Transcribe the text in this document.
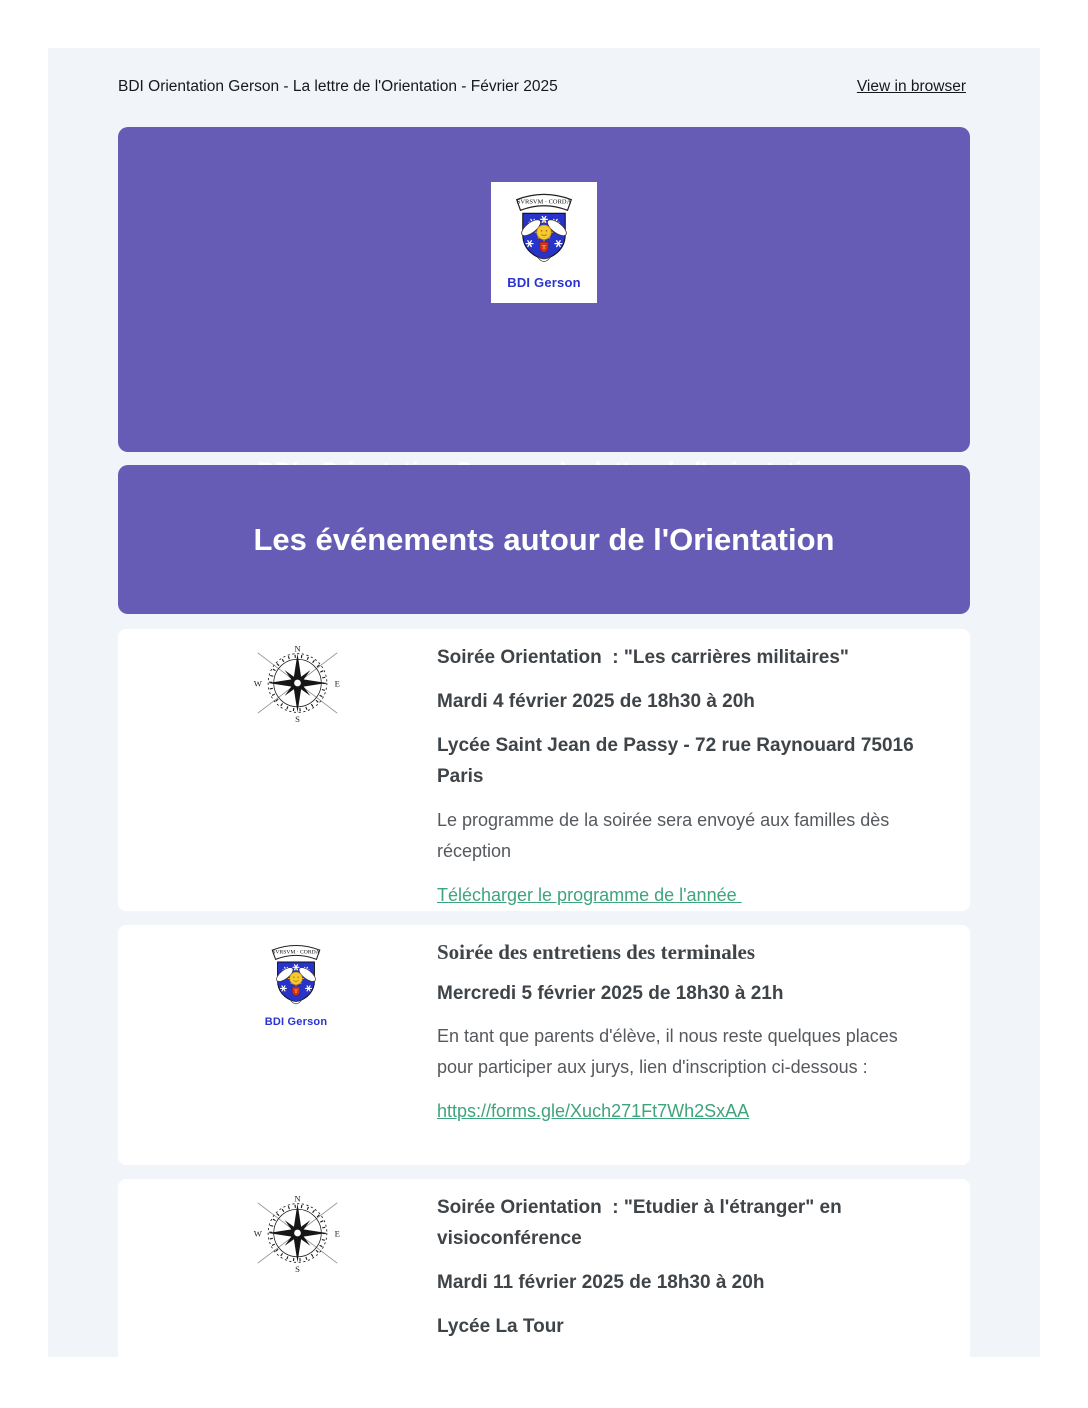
BDI Orientation Gerson - La lettre de l'Orientation - Février 2025	View in browser
BDI Gerson
Les événements autour de l'Orientation

Soirée Orientation  : "Les carrières militaires"

Mardi 4 février 2025 de 18h30 à 20h

Lycée Saint Jean de Passy - 72 rue Raynouard 75016 Paris

Le programme de la soirée sera envoyé aux familles dès réception

Télécharger le programme de l'année
BDI Gerson

Soirée des entretiens des terminales

Mercredi 5 février 2025 de 18h30 à 21h

En tant que parents d'élève, il nous reste quelques places pour participer aux jurys, lien d'inscription ci-dessous :

https://forms.gle/Xuch271Ft7Wh2SxAA

Soirée Orientation  : "Etudier à l'étranger" en visioconférence

Mardi 11 février 2025 de 18h30 à 20h

Lycée La Tour
